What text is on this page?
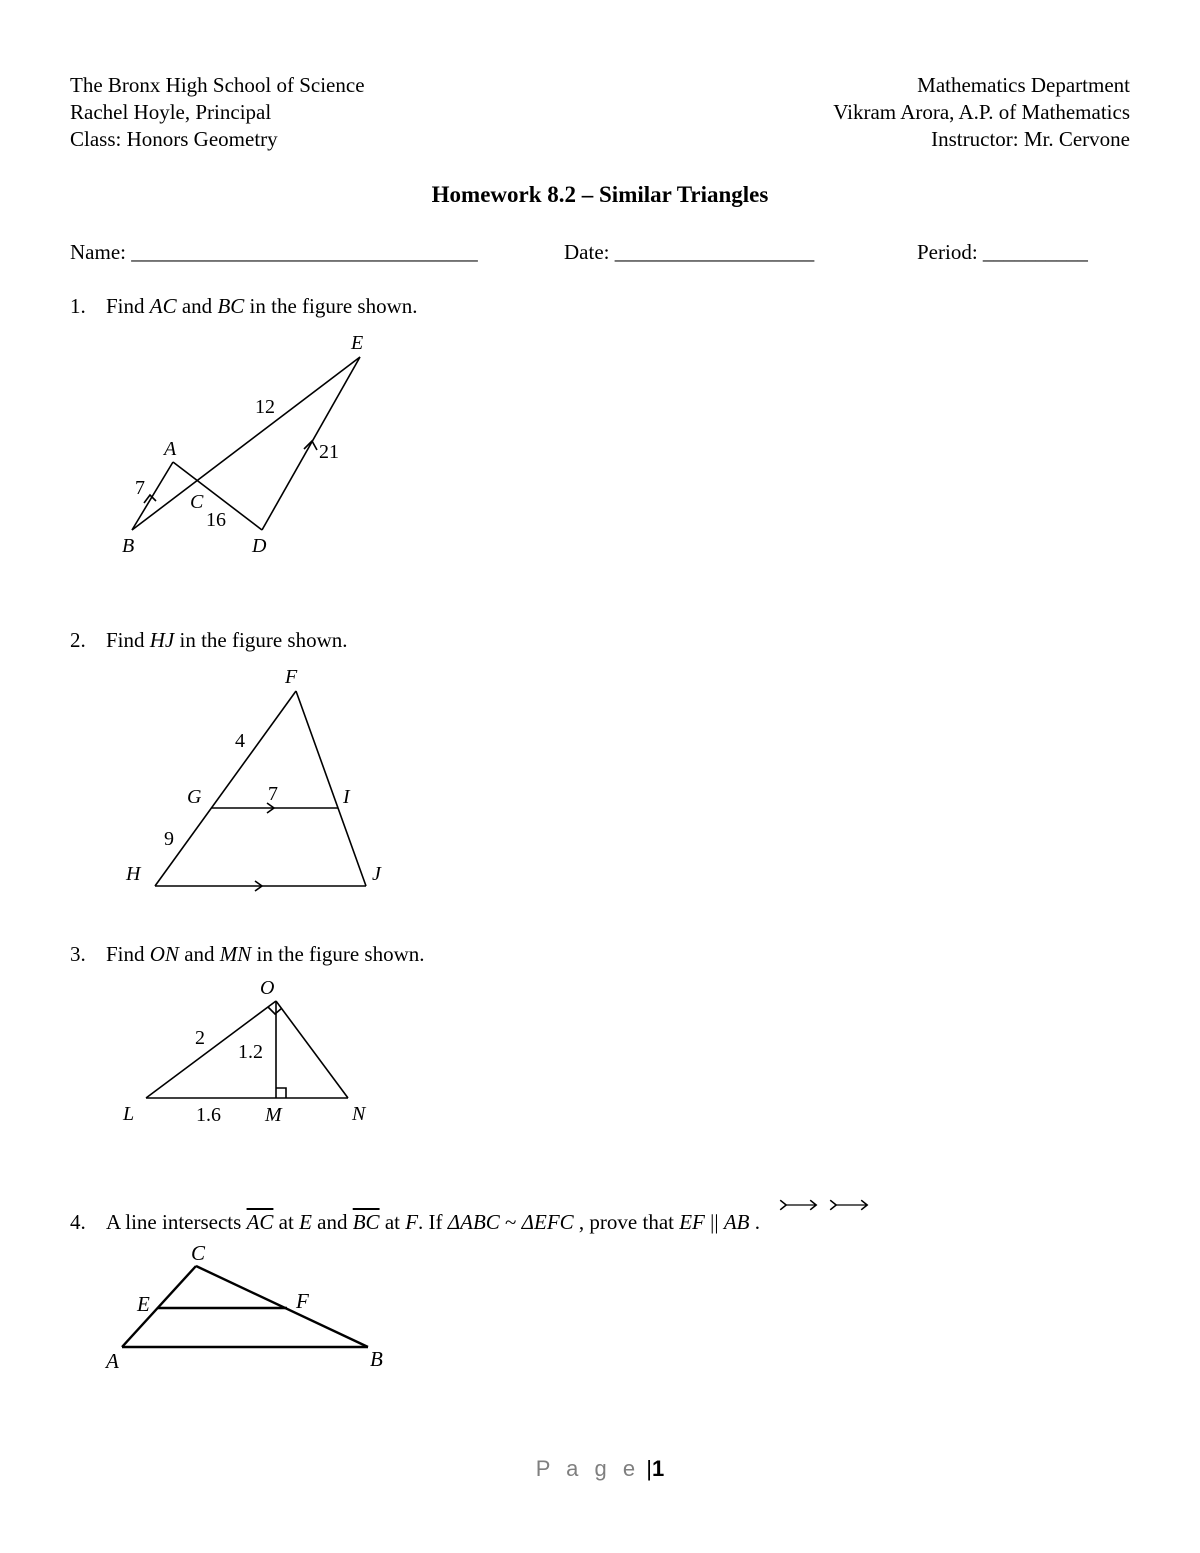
The Bronx High School of Science
Rachel Hoyle, Principal
Class: Honors Geometry
Mathematics Department
Vikram Arora, A.P. of Mathematics
Instructor: Mr. Cervone
Homework 8.2 – Similar Triangles
Name: _________________________________	Date: ___________________	Period: __________
1. Find AC and BC in the figure shown.
E
A
C
B	D
12
21
7
16
F
G	I
H	J
4
7
9
O
L	M	N
2
1.2
1.6
C
E	F
A	B
2. Find HJ in the figure shown.
3. Find ON and MN in the figure shown.
4. A line intersects $\overline{AC}$ at E and $\overline{BC}$ at F. If ΔABC ~ ΔEFC , prove that EF || AB .
P a g e |1
